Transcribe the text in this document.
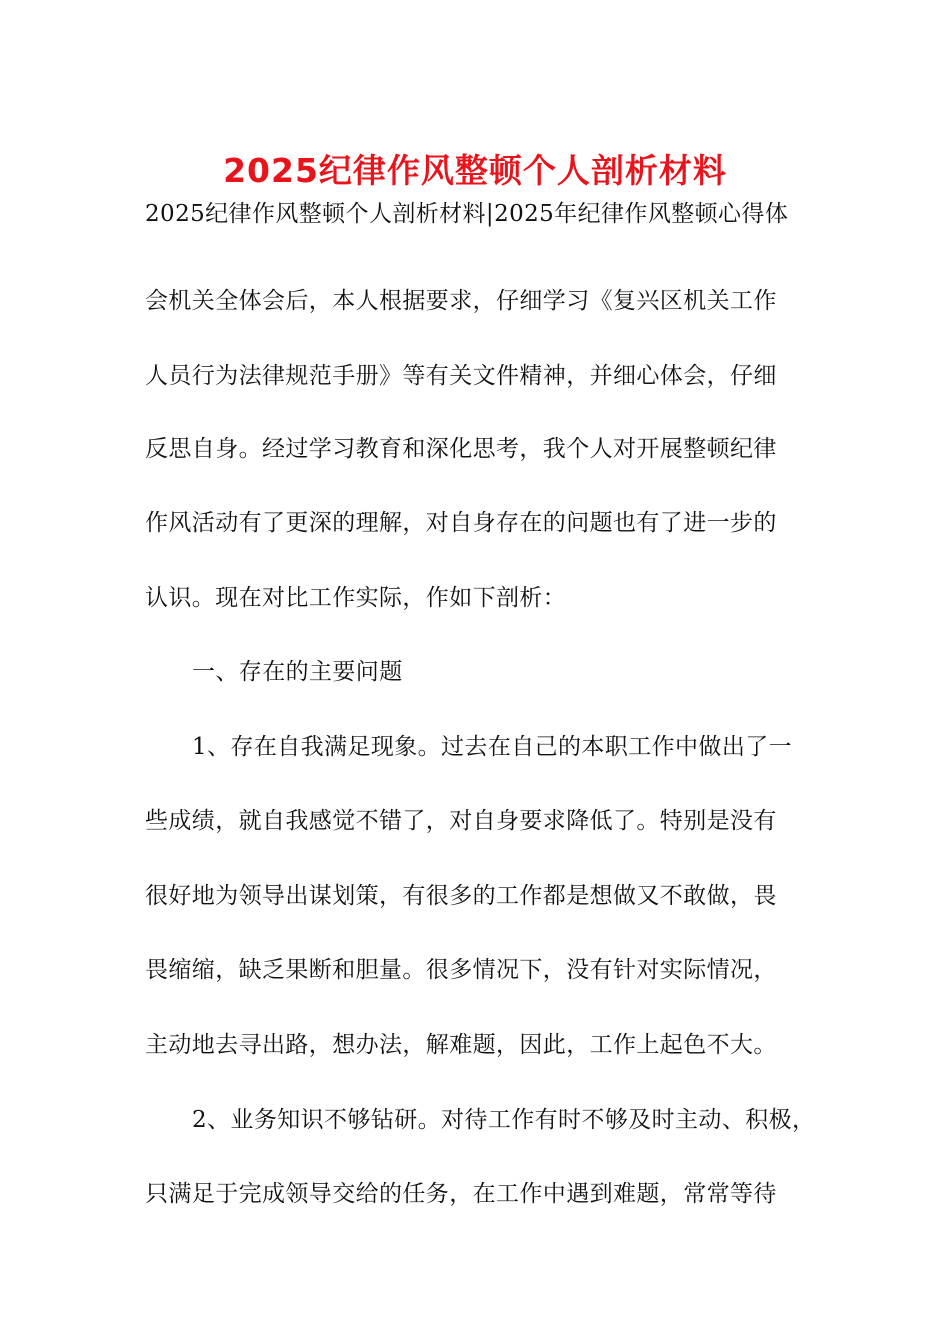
2025纪律作风整顿个人剖析材料
2025纪律作风整顿个人剖析材料|2025年纪律作风整顿心得体
会机关全体会后，本人根据要求，仔细学习《复兴区机关工作
人员行为法律规范手册》等有关文件精神，并细心体会，仔细
反思自身。经过学习教育和深化思考，我个人对开展整顿纪律
作风活动有了更深的理解，对自身存在的问题也有了进一步的
认识。现在对比工作实际，作如下剖析：
一、存在的主要问题
1、存在自我满足现象。过去在自己的本职工作中做出了一
些成绩，就自我感觉不错了，对自身要求降低了。特别是没有
很好地为领导出谋划策，有很多的工作都是想做又不敢做，畏
畏缩缩，缺乏果断和胆量。很多情况下，没有针对实际情况，
主动地去寻出路，想办法，解难题，因此，工作上起色不大。
2、业务知识不够钻研。对待工作有时不够及时主动、积极，
只满足于完成领导交给的任务，在工作中遇到难题，常常等待
